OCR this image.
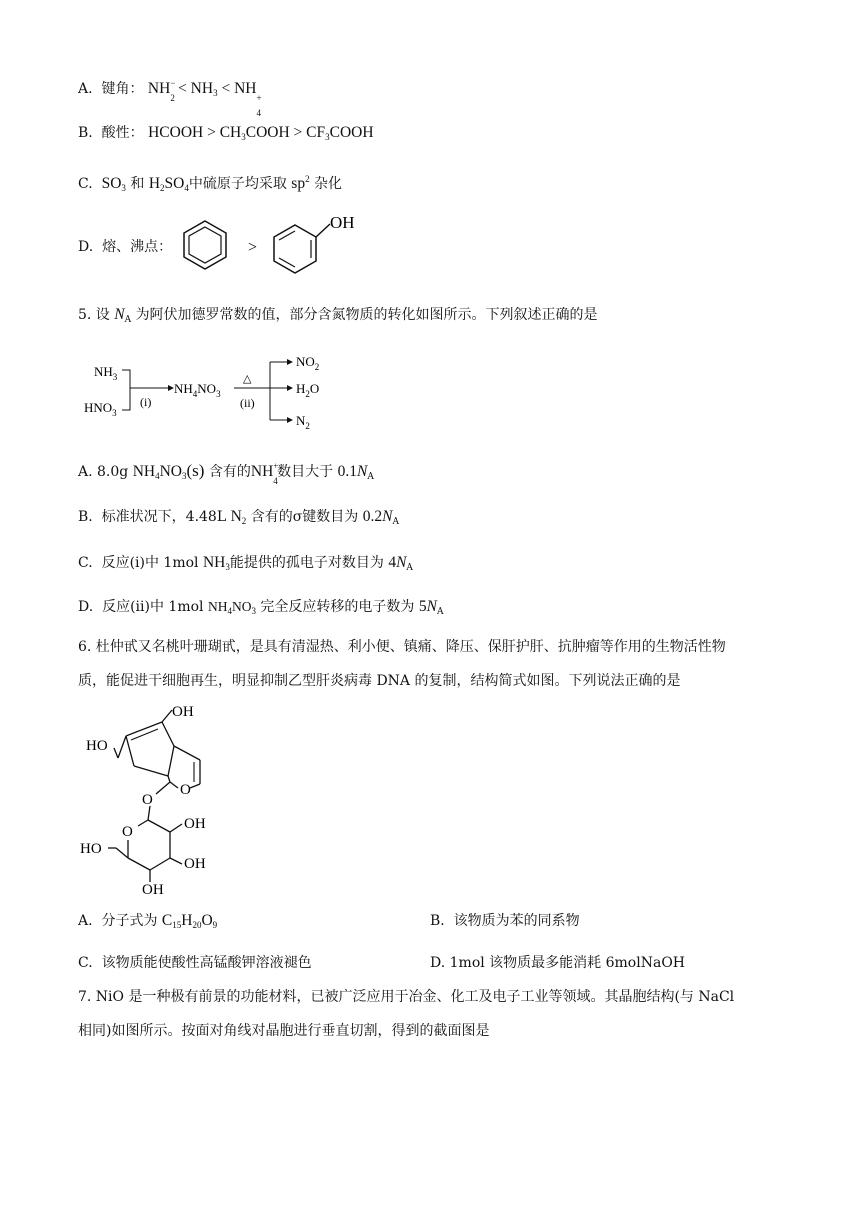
A. 键角： NH −
2
< $NH_3$ < NH
+
4
B. 酸性： HCOOH > $CH_3COOH$ > $CF_3COOH$
C. $SO_3$ 和 $H_2SO_4$中硫原子均采取 $sp^2$ 杂化
D. 熔、沸点：	>
OH
5. 设 $N_A$ 为阿伏加德罗常数的值，部分含氮物质的转化如图所示。下列叙述正确的是
$NH_3$
$HNO_3$
(i)
$NH_4NO_3$
△
(ii)
$NO_2$
$H_2O$
$N_2$
A. 8.0g $NH_4NO_3(s)$ 含有的NH +
4
数目大于 $0.1N_A$
B. 标准状况下，4.48L $N_2$ 含有的σ键数目为 $0.2N_A$
C. 反应(i)中 1mol $NH_3$能提供的孤电子对数目为 $4N_A$
D. 反应(ii)中 1mol $NH_4NO_3$ 完全反应转移的电子数为 $5N_A$
6. 杜仲甙又名桃叶珊瑚甙，是具有清湿热、利小便、镇痛、降压、保肝护肝、抗肿瘤等作用的生物活性物
质，能促进干细胞再生，明显抑制乙型肝炎病毒 DNA 的复制，结构简式如图。下列说法正确的是
OH
HO
O
O
O	OH
OH
OH
HO
A. 分子式为 $C_{15}H_{20}O_9$	B. 该物质为苯的同系物
C. 该物质能使酸性高锰酸钾溶液褪色	D. 1mol 该物质最多能消耗 6molNaOH
7. NiO 是一种极有前景的功能材料，已被广泛应用于冶金、化工及电子工业等领域。其晶胞结构(与 NaCl
相同)如图所示。按面对角线对晶胞进行垂直切割，得到的截面图是
